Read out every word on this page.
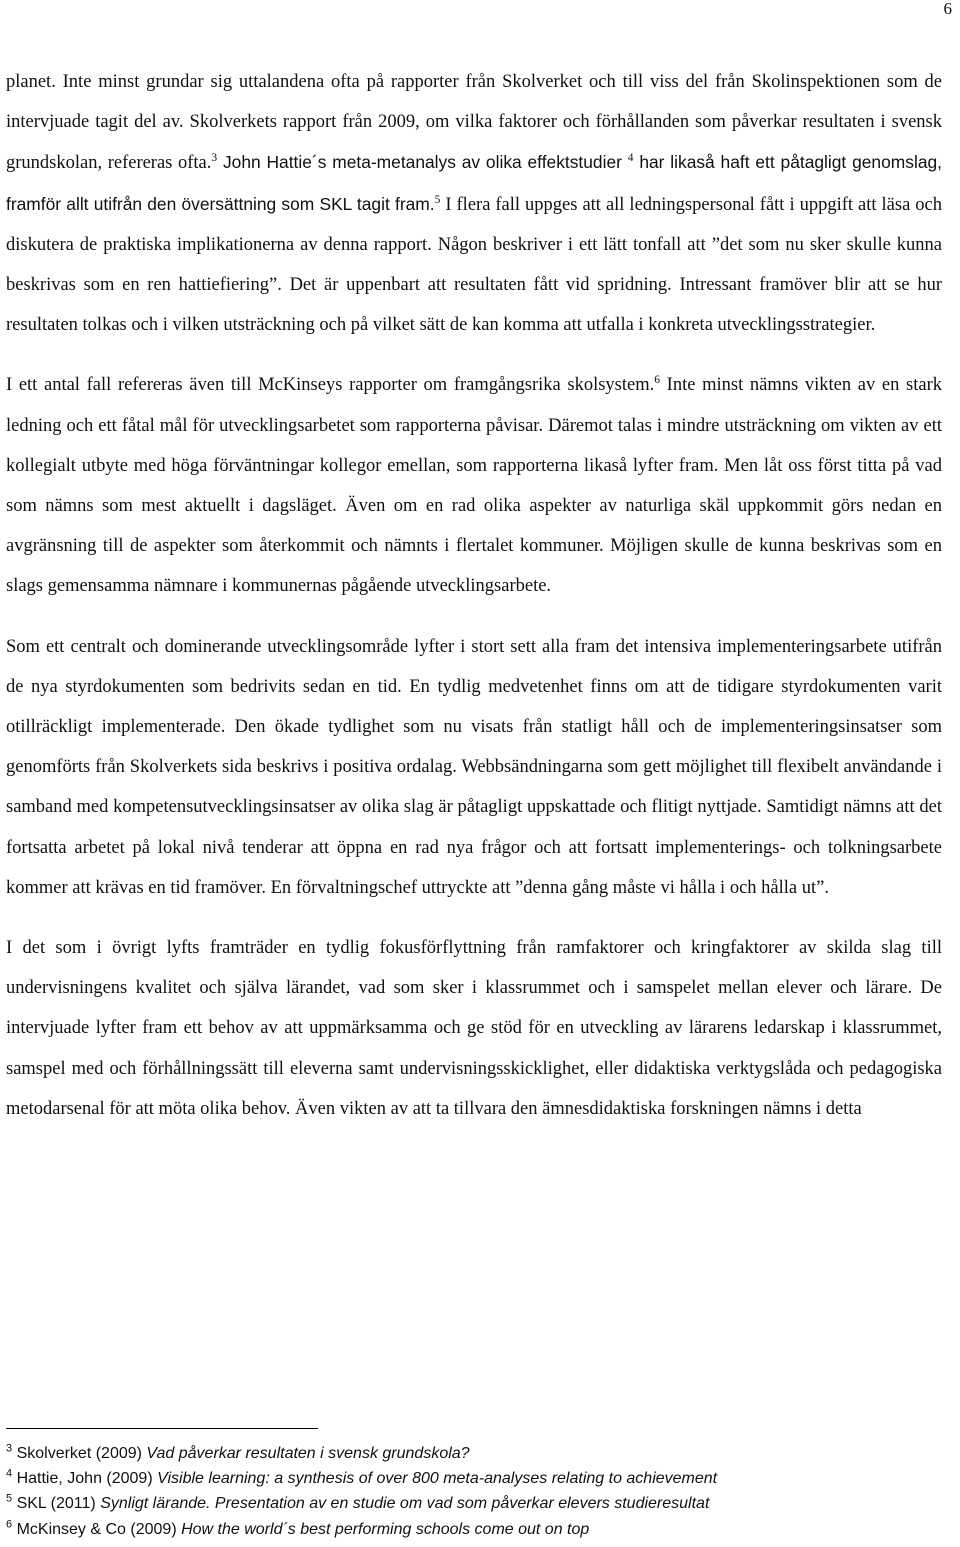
6

planet. Inte minst grundar sig uttalandena ofta på rapporter från Skolverket och till viss del från Skolinspektionen som de intervjuade tagit del av. Skolverkets rapport från 2009, om vilka faktorer och förhållanden som påverkar resultaten i svensk grundskolan, refereras ofta.$^3$ John Hattie´s meta-metanalys av olika effektstudier $^4$ har likaså haft ett påtagligt genomslag, framför allt utifrån den översättning som SKL tagit fram.$^5$ I flera fall uppges att all ledningspersonal fått i uppgift att läsa och diskutera de praktiska implikationerna av denna rapport. Någon beskriver i ett lätt tonfall att ”det som nu sker skulle kunna beskrivas som en ren hattiefiering”. Det är uppenbart att resultaten fått vid spridning. Intressant framöver blir att se hur resultaten tolkas och i vilken utsträckning och på vilket sätt de kan komma att utfalla i konkreta utvecklingsstrategier.

I ett antal fall refereras även till McKinseys rapporter om framgångsrika skolsystem.$^6$ Inte minst nämns vikten av en stark ledning och ett fåtal mål för utvecklingsarbetet som rapporterna påvisar. Däremot talas i mindre utsträckning om vikten av ett kollegialt utbyte med höga förväntningar kollegor emellan, som rapporterna likaså lyfter fram. Men låt oss först titta på vad som nämns som mest aktuellt i dagsläget. Även om en rad olika aspekter av naturliga skäl uppkommit görs nedan en avgränsning till de aspekter som återkommit och nämnts i flertalet kommuner. Möjligen skulle de kunna beskrivas som en slags gemensamma nämnare i kommunernas pågående utvecklingsarbete.

Som ett centralt och dominerande utvecklingsområde lyfter i stort sett alla fram det intensiva implementeringsarbete utifrån de nya styrdokumenten som bedrivits sedan en tid. En tydlig medvetenhet finns om att de tidigare styrdokumenten varit otillräckligt implementerade. Den ökade tydlighet som nu visats från statligt håll och de implementeringsinsatser som genomförts från Skolverkets sida beskrivs i positiva ordalag. Webbsändningarna som gett möjlighet till flexibelt användande i samband med kompetensutvecklingsinsatser av olika slag är påtagligt uppskattade och flitigt nyttjade. Samtidigt nämns att det fortsatta arbetet på lokal nivå tenderar att öppna en rad nya frågor och att fortsatt implementerings- och tolkningsarbete kommer att krävas en tid framöver. En förvaltningschef uttryckte att ”denna gång måste vi hålla i och hålla ut”.

I det som i övrigt lyfts framträder en tydlig fokusförflyttning från ramfaktorer och kringfaktorer av skilda slag till undervisningens kvalitet och själva lärandet, vad som sker i klassrummet och i samspelet mellan elever och lärare. De intervjuade lyfter fram ett behov av att uppmärksamma och ge stöd för en utveckling av lärarens ledarskap i klassrummet, samspel med och förhållningssätt till eleverna samt undervisningsskicklighet, eller didaktiska verktygslåda och pedagogiska metodarsenal för att möta olika behov. Även vikten av att ta tillvara den ämnesdidaktiska forskningen nämns i detta

$^3$ Skolverket (2009) Vad påverkar resultaten i svensk grundskola?
$^4$ Hattie, John (2009) Visible learning: a synthesis of over 800 meta-analyses relating to achievement
$^5$ SKL (2011) Synligt lärande. Presentation av en studie om vad som påverkar elevers studieresultat
$^6$ McKinsey & Co (2009) How the world´s best performing schools come out on top
